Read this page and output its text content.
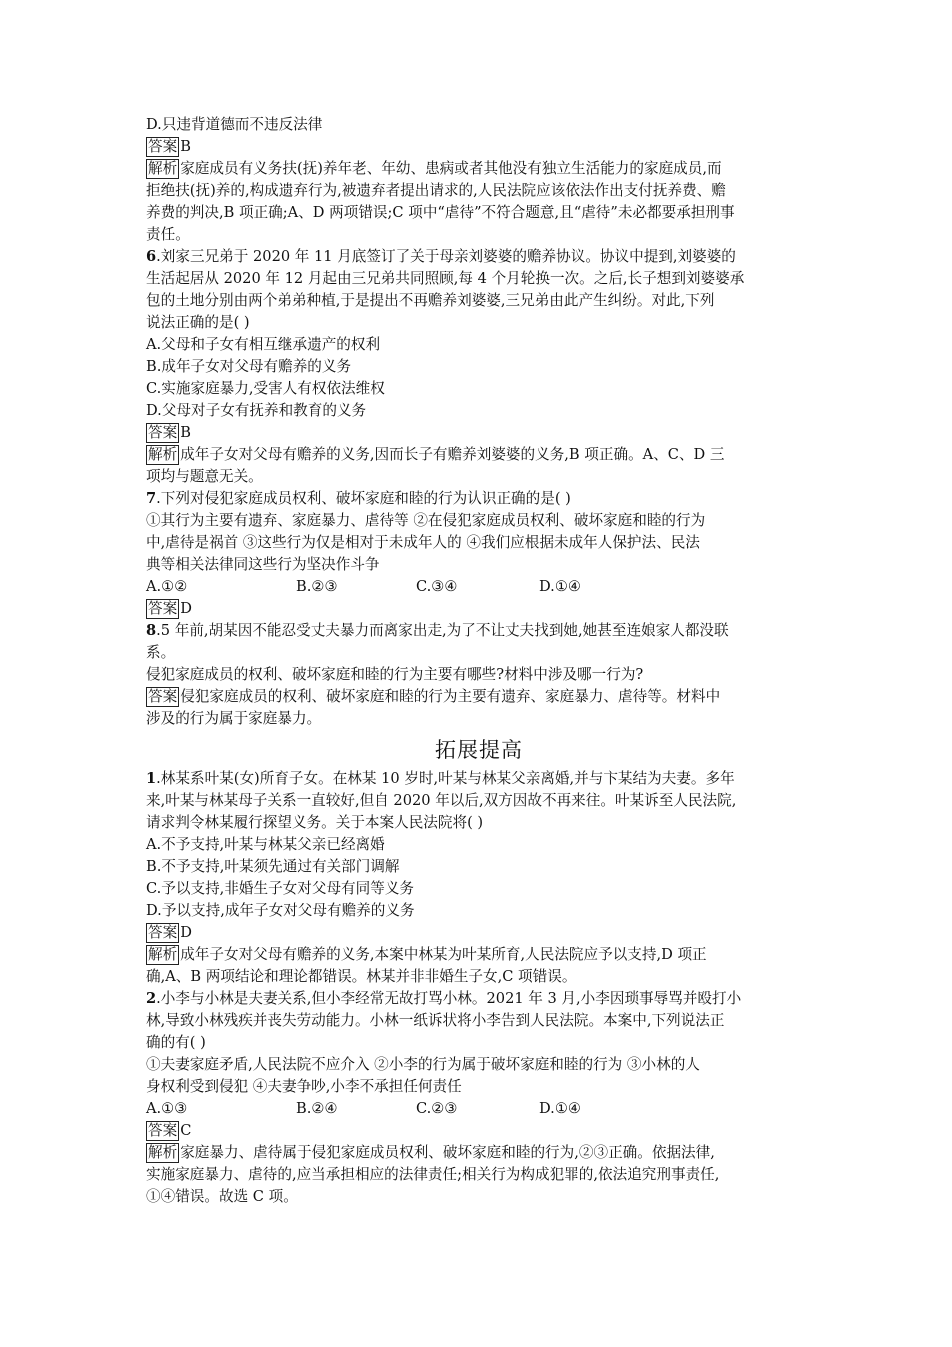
D.只违背道德而不违反法律
答案 B
解析 家庭成员有义务扶(抚)养年老、年幼、患病或者其他没有独立生活能力的家庭成员,而
拒绝扶(抚)养的,构成遗弃行为,被遗弃者提出请求的,人民法院应该依法作出支付抚养费、赡
养费的判决,B 项正确;A、D 两项错误;C 项中“虐待”不符合题意,且“虐待”未必都要承担刑事
责任。
6.刘家三兄弟于 2020 年 11 月底签订了关于母亲刘婆婆的赡养协议。协议中提到,刘婆婆的
生活起居从 2020 年 12 月起由三兄弟共同照顾,每 4 个月轮换一次。之后,长子想到刘婆婆承
包的土地分别由两个弟弟种植,于是提出不再赡养刘婆婆,三兄弟由此产生纠纷。对此,下列
说法正确的是( )
A.父母和子女有相互继承遗产的权利
B.成年子女对父母有赡养的义务
C.实施家庭暴力,受害人有权依法维权
D.父母对子女有抚养和教育的义务
答案 B
解析 成年子女对父母有赡养的义务,因而长子有赡养刘婆婆的义务,B 项正确。A、C、D 三
项均与题意无关。
7.下列对侵犯家庭成员权利、破坏家庭和睦的行为认识正确的是( )
①其行为主要有遗弃、家庭暴力、虐待等 ②在侵犯家庭成员权利、破坏家庭和睦的行为
中,虐待是祸首 ③这些行为仅是相对于未成年人的 ④我们应根据未成年人保护法、民法
典等相关法律同这些行为坚决作斗争
A.①②	B.②③	C.③④	D.①④
答案 D
8.5 年前,胡某因不能忍受丈夫暴力而离家出走,为了不让丈夫找到她,她甚至连娘家人都没联
系。
侵犯家庭成员的权利、破坏家庭和睦的行为主要有哪些?材料中涉及哪一行为?
答案 侵犯家庭成员的权利、破坏家庭和睦的行为主要有遗弃、家庭暴力、虐待等。材料中
涉及的行为属于家庭暴力。
拓展提高
1.林某系叶某(女)所育子女。在林某 10 岁时,叶某与林某父亲离婚,并与卞某结为夫妻。多年
来,叶某与林某母子关系一直较好,但自 2020 年以后,双方因故不再来往。叶某诉至人民法院,
请求判令林某履行探望义务。关于本案人民法院将( )
A.不予支持,叶某与林某父亲已经离婚
B.不予支持,叶某须先通过有关部门调解
C.予以支持,非婚生子女对父母有同等义务
D.予以支持,成年子女对父母有赡养的义务
答案 D
解析 成年子女对父母有赡养的义务,本案中林某为叶某所育,人民法院应予以支持,D 项正
确,A、B 两项结论和理论都错误。林某并非非婚生子女,C 项错误。
2.小李与小林是夫妻关系,但小李经常无故打骂小林。2021 年 3 月,小李因琐事辱骂并殴打小
林,导致小林残疾并丧失劳动能力。小林一纸诉状将小李告到人民法院。本案中,下列说法正
确的有( )
①夫妻家庭矛盾,人民法院不应介入 ②小李的行为属于破坏家庭和睦的行为 ③小林的人
身权利受到侵犯 ④夫妻争吵,小李不承担任何责任
A.①③	B.②④	C.②③	D.①④
答案 C
解析 家庭暴力、虐待属于侵犯家庭成员权利、破坏家庭和睦的行为,②③正确。依据法律,
实施家庭暴力、虐待的,应当承担相应的法律责任;相关行为构成犯罪的,依法追究刑事责任,
①④错误。故选 C 项。
